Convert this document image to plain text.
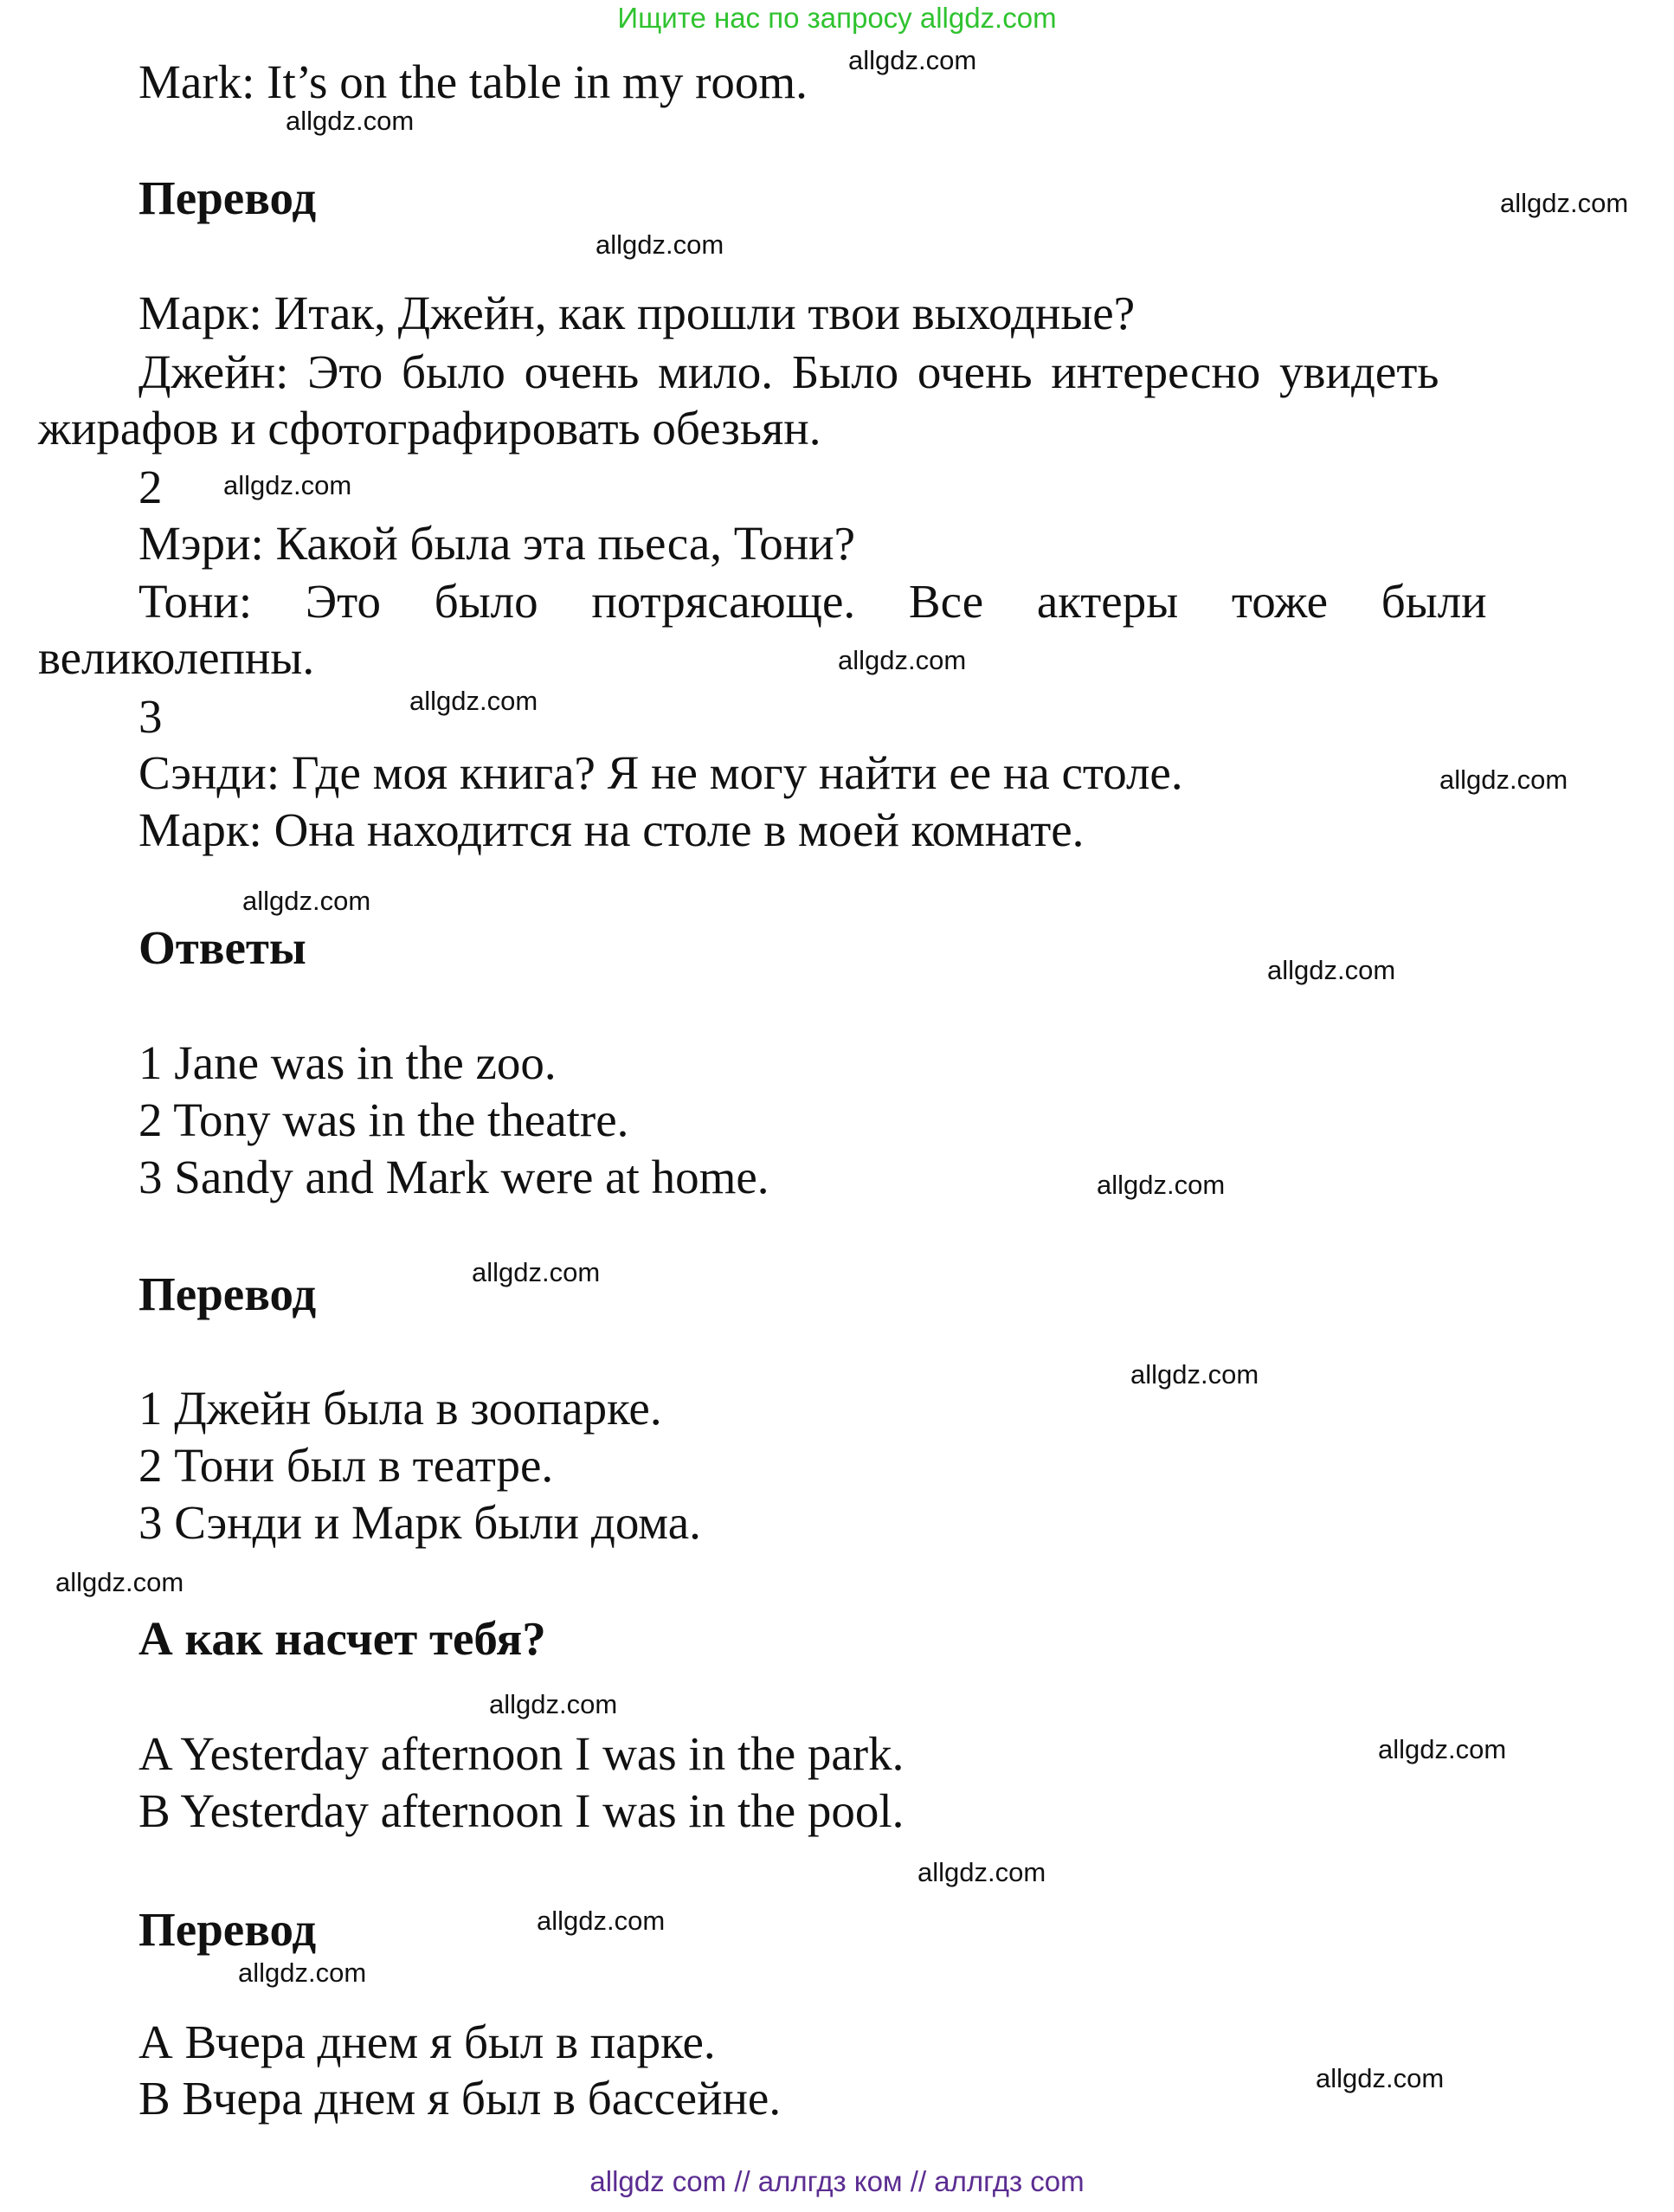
Ищите нас по запросу allgdz.com
Mark: It’s on the table in my room.
Перевод
Марк: Итак, Джейн, как прошли твои выходные?
Джейн: Это было очень мило. Было очень интересно увидеть
жирафов и сфотографировать обезьян.
2
Мэри: Какой была эта пьеса, Тони?
Тони: Это было потрясающе. Все актеры тоже были
великолепны.
3
Сэнди: Где моя книга? Я не могу найти ее на столе.
Марк: Она находится на столе в моей комнате.
Ответы
1 Jane was in the zoo.
2 Tony was in the theatre.
3 Sandy and Mark were at home.
Перевод
1 Джейн была в зоопарке.
2 Тони был в театре.
3 Сэнди и Марк были дома.
А как насчет тебя?
A Yesterday afternoon I was in the park.
B Yesterday afternoon I was in the pool.
Перевод
А Вчера днем я был в парке.
В Вчера днем я был в бассейне.
allgdz.com
allgdz.com
allgdz.com
allgdz.com
allgdz.com
allgdz.com
allgdz.com
allgdz.com
allgdz.com
allgdz.com
allgdz.com
allgdz.com
allgdz.com
allgdz.com
allgdz.com
allgdz.com
allgdz.com
allgdz.com
allgdz.com
allgdz.com
allgdz com // аллгдз ком // аллгдз com
